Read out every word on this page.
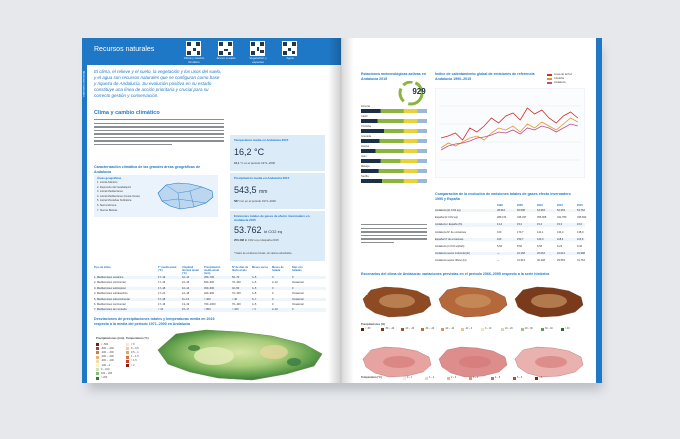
Recursos naturales
Clima y cambio climático
Anexo a suelo	Vegetación y especies
Agua
Recursos naturales El clima, el relieve y el suelo, la vegetación y los usos del suelo, y el agua son recursos naturales que se configuran como base y riqueza de Andalucía. Su evolución positiva en su estado constituye una línea de acción prioritaria y crucial para su correcto gestión y conservación.
Clima y cambio climático
Temperatura media en Andalucía 2015
16,2 °C
16,1 °C en el periodo 1971–2000
Precipitación media en Andalucía 2015
543,5 mm
587 mm en el periodo 1971–2000
Emisiones totales de gases de efecto invernadero en Andalucía 2015
53.762 kt CO2 eq
250.488 kt CO2 eq en España 2015
* Datos de emisiones brutas, sin valores absorbidos.
Caracterización climática de las grandes áreas geográficas de Andalucía
Áreas geográficas
1. Litoral Atlántico
2. Depresión del Guadalquivir
3. Litoral Mediterráneo
4. Litoral Mediterráneo (Costa Oeste)
5. Litoral Montañas Subbética
6. Sierra Morena
7. Sierras Béticas
Tipo de clima	T° media anual (°C)
Amplitud térmica anual (°C)
Precipitación media anual (mm)
Nº de días de lluvia al año
Meses secos	Meses de helada
Días con heladas
1. Mediterráneo oceánico	17–19	10–14	350–700	50–70	4–5	0	0
2. Mediterráneo continental	17–19	16–19	600–900	70–100	4–5	2–10	Ocasional
3. Mediterráneo subtropical	17–18	10–14	300–600	40–50	4–5	0	0
4. Mediterráneo subdesértico	17–21	12–15	400–900	70–100	4–5	0	Ocasional
5. Mediterráneo subcontinental	17–18	11–13	< 300	< 40	6–7	0	Ocasional
6. Mediterráneo continental	17–19	13–19	700–1000	70–100	4–5	0	Ocasional
7. Mediterráneo de montaña	< 13	15–17	> 800	> 100	< 3	2–10	0
Desviaciones de precipitaciones totales y temperaturas media en 2015 respecto a la media del periodo 1971–2000 en Andalucía
Precipitaciones (mm)
< -500
-500 – -400
-400 – -300
-300 – -200
-200 – -100
-100 – 0
0 – 100
100 – 200
> 200
Temperatura (°C)
< 0
0 – 0,5
0,5 – 1
1 – 1,5
> 1,5
> 2
Estaciones meteorológicas activas en Andalucía 2015
929
Almería
Cádiz
Córdoba
Granada
Huelva
Jaén
Málaga
Sevilla
Índice de calentamiento global de emisiones de referencia Andalucía 1990–2015
Línea de la Paz
Córdoba
Andalucía
Comparación de la evolución de emisiones totales de gases efecto invernadero 1990 y España
1990	2005	2010	2012	2015
Andalucía (kt CO2 eq)	38.964	66.508	54.993	52.353	53.762
España (kt CO2 eq)	289.474	436.337	356.908	342.780	335.662
Andalucía / España (%)	13,4	15,2	15,4	15,3	16,0
Andalucía Nº de emisiones	100	170,7	141,1	134,4	138,0
España Nº de emisiones	100	150,7	123,3	118,4	115,9
Andalucía (t CO2 eq/hab)	5,60	8,50	6,56	6,23	6,40
Andalucía sector industrial (kt)	—	22.168	20.064	22.012	22.998
Andalucía sector difuso (kt)	—	31.913	30.448	29.553	31.764
Escenarios del clima de Andalucía: variaciones previstas en el periodo 2066–2095 respecto a la serie histórica
A1B	A2	B1
Precipitaciones (%)
< -50	-50 – -40	-40 – -30	-30 – -20	-20 – -10	-10 – 0	0 – 10	10 – 20	20 – 30	30 – 40	> 40
Temperatura (°C)	0 – 1	1 – 2	2 – 3	3 – 4	4 – 5	5 – 6	> 6
